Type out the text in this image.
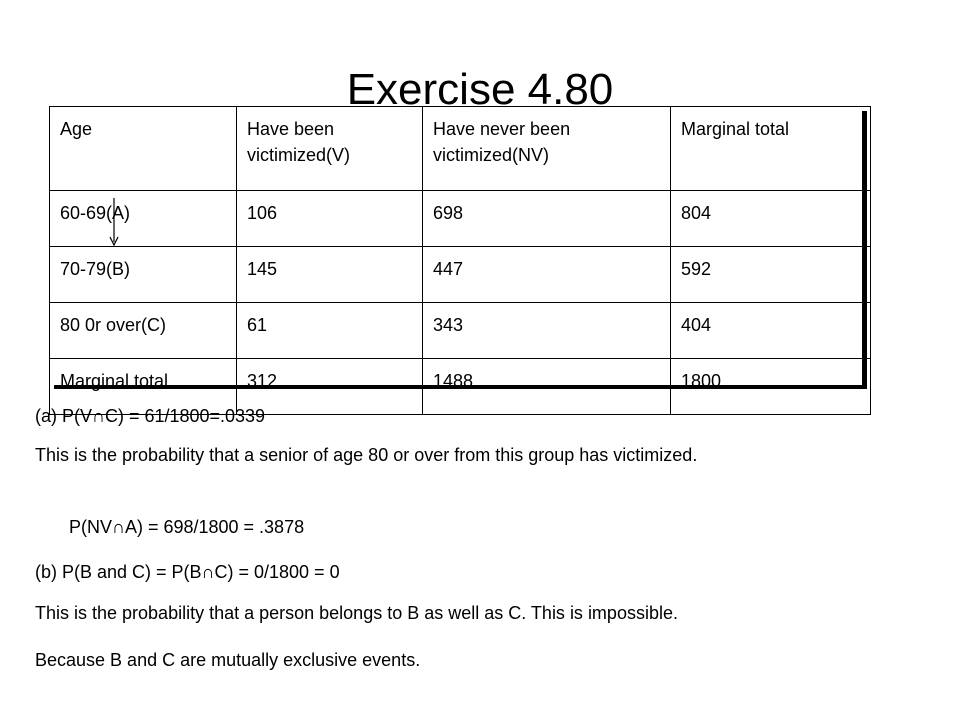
Exercise 4.80
Age	Have been victimized(V)	Have never been victimized(NV)	Marginal total
60-69(A)	106	698	804
70-79(B)	145	447	592
80 0r over(C)	61	343	404
Marginal total	312	1488	1800
(a) P(V∩C) = 61/1800=.0339
This is the probability that a senior of age 80 or over from this group has victimized.
P(NV∩A) = 698/1800 = .3878
(b) P(B and C) = P(B∩C) = 0/1800 = 0
This is the probability that a person belongs to B as well as C. This is impossible.
Because B and C are mutually exclusive events.
